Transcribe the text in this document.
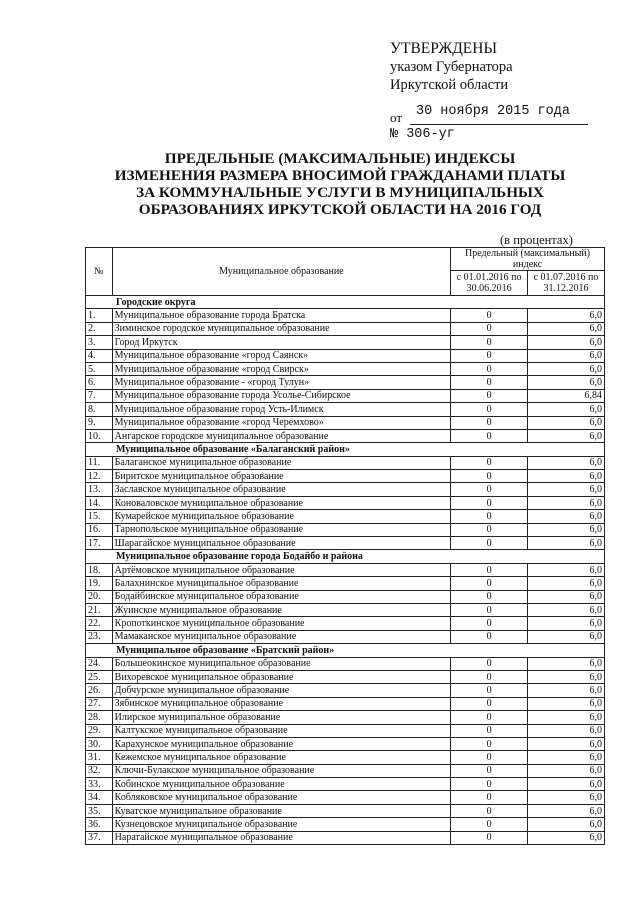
УТВЕРЖДЕНЫ
указом Губернатора
Иркутской области
от 30 ноября 2015 года
№ 306-уг
ПРЕДЕЛЬНЫЕ (МАКСИМАЛЬНЫЕ) ИНДЕКСЫ
ИЗМЕНЕНИЯ РАЗМЕРА ВНОСИМОЙ ГРАЖДАНАМИ ПЛАТЫ
ЗА КОММУНАЛЬНЫЕ УСЛУГИ В МУНИЦИПАЛЬНЫХ
ОБРАЗОВАНИЯХ ИРКУТСКОЙ ОБЛАСТИ НА 2016 ГОД
(в процентах)
№	Муниципальное образование	Предельный (максимальный) индекс	
		с 01.01.2016 по 30.06.2016	с 01.07.2016 по 31.12.2016
Городские округа			
1.	Муниципальное образование города Братска	0	6,0
2.	Зиминское городское муниципальное образование	0	6,0
3.	Город Иркутск	0	6,0
4.	Муниципальное образование «город Саянск»	0	6,0
5.	Муниципальное образование «город Свирск»	0	6,0
6.	Муниципальное образование - «город Тулун»	0	6,0
7.	Муниципальное образование города Усолье-Сибирское	0	6,84
8.	Муниципальное образование город Усть-Илимск	0	6,0
9.	Муниципальное образование «город Черемхово»	0	6,0
10.	Ангарское городское муниципальное образование	0	6,0
Муниципальное образование «Балаганский район»			
11.	Балаганское муниципальное образование	0	6,0
12.	Биритское муниципальное образование	0	6,0
13.	Заславское муниципальное образование	0	6,0
14.	Коноваловское муниципальное образование	0	6,0
15.	Кумарейское муниципальное образование	0	6,0
16.	Тарнопольское муниципальное образование	0	6,0
17.	Шарагайское муниципальное образование	0	6,0
Муниципальное образование города Бодайбо и района			
18.	Артёмовское муниципальное образование	0	6,0
19.	Балахнинское муниципальное образование	0	6,0
20.	Бодайбинское муниципальное образование	0	6,0
21.	Жуинское муниципальное образование	0	6,0
22.	Кропоткинское муниципальное образование	0	6,0
23.	Мамаканское муниципальное образование	0	6,0
Муниципальное образование «Братский район»			
24.	Большеокинское муниципальное образование	0	6,0
25.	Вихоревское муниципальное образование	0	6,0
26.	Добчурское муниципальное образование	0	6,0
27.	Зябинское муниципальное образование	0	6,0
28.	Илирское муниципальное образование	0	6,0
29.	Калтукское муниципальное образование	0	6,0
30.	Карахунское муниципальное образование	0	6,0
31.	Кежемское муниципальное образование	0	6,0
32.	Ключи-Булакское муниципальное образование	0	6,0
33.	Кобинское муниципальное образование	0	6,0
34.	Кобляковское муниципальное образование	0	6,0
35.	Куватское муниципальное образование	0	6,0
36.	Кузнецовское муниципальное образование	0	6,0
37.	Наратайское муниципальное образование	0	6,0
